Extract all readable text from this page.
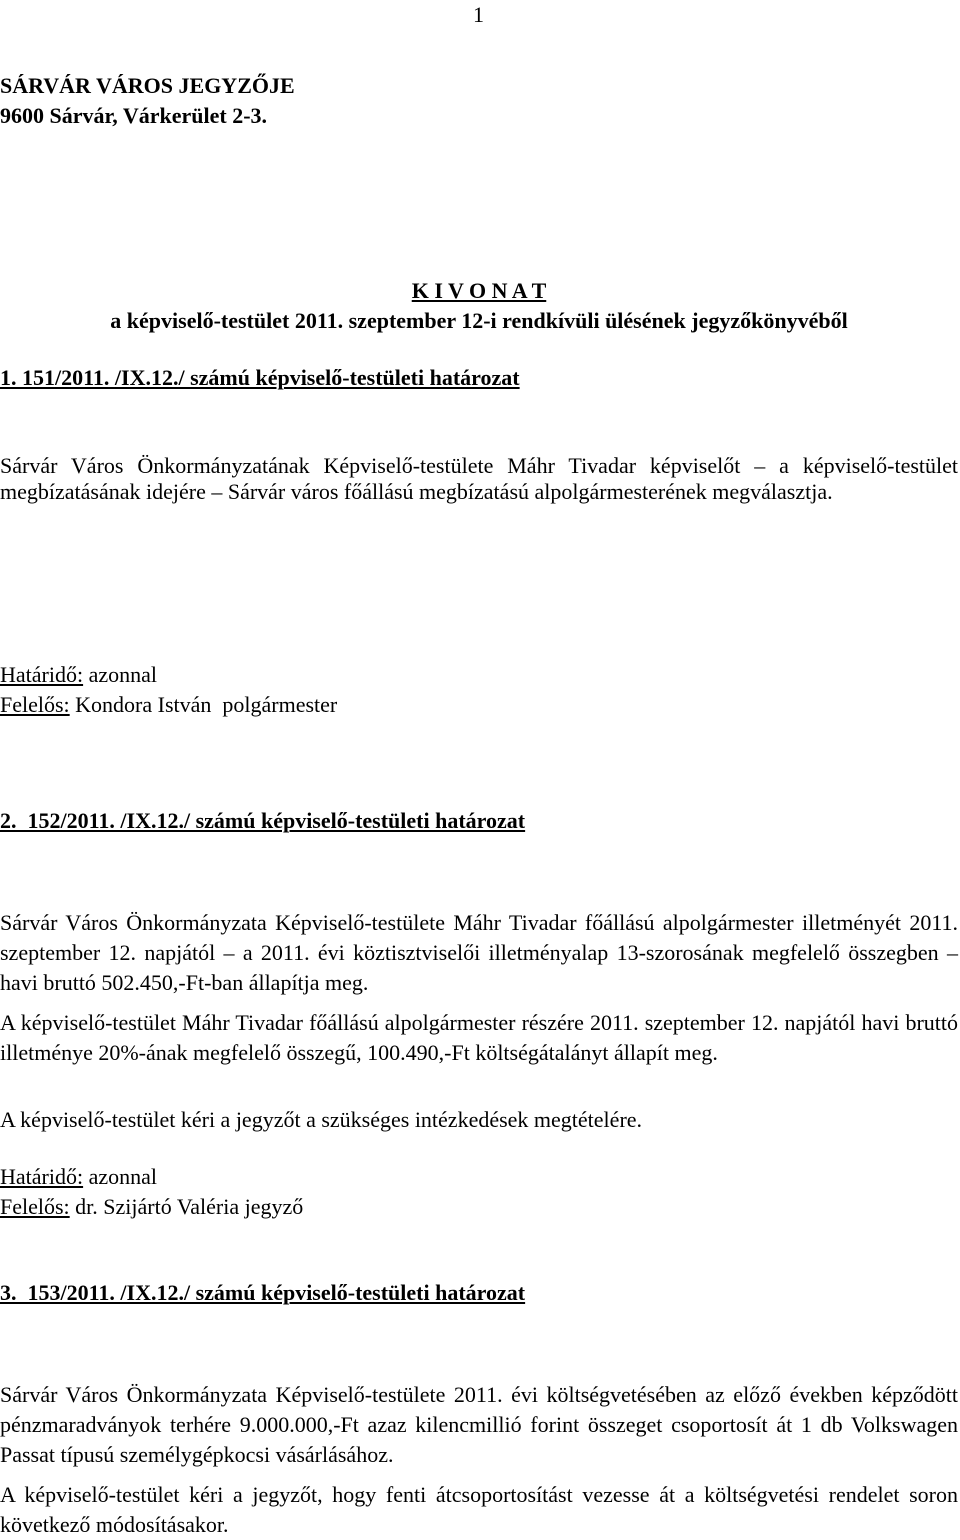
1
SÁRVÁR VÁROS JEGYZŐJE
9600 Sárvár, Várkerület 2-3.
K I V O N A T
a képviselő-testület 2011. szeptember 12-i rendkívüli ülésének jegyzőkönyvéből
1. 151/2011. /IX.12./ számú képviselő-testületi határozat

Sárvár Város Önkormányzatának Képviselő-testülete Máhr Tivadar képviselőt – a képviselő-testület megbízatásának idejére – Sárvár város főállású megbízatású alpolgármesterének megválasztja.

Határidő: azonnal
Felelős: Kondora István  polgármester
2.  152/2011. /IX.12./ számú képviselő-testületi határozat

Sárvár Város Önkormányzata Képviselő-testülete Máhr Tivadar főállású alpolgármester illetményét 2011. szeptember 12. napjától – a 2011. évi köztisztviselői illetményalap 13-szorosának megfelelő összegben – havi bruttó 502.450,-Ft-ban állapítja meg.

A képviselő-testület Máhr Tivadar főállású alpolgármester részére 2011. szeptember 12. napjától havi bruttó illetménye 20%-ának megfelelő összegű, 100.490,-Ft költségátalányt állapít meg.

A képviselő-testület kéri a jegyzőt a szükséges intézkedések megtételére.

Határidő: azonnal
Felelős: dr. Szijártó Valéria jegyző
3.  153/2011. /IX.12./ számú képviselő-testületi határozat

Sárvár Város Önkormányzata Képviselő-testülete 2011. évi költségvetésében az előző években képződött pénzmaradványok terhére 9.000.000,-Ft azaz kilencmillió forint összeget csoportosít át 1 db Volkswagen Passat típusú személygépkocsi vásárlásához.

A képviselő-testület kéri a jegyzőt, hogy fenti átcsoportosítást vezesse át a költségvetési rendelet soron következő módosításakor.
